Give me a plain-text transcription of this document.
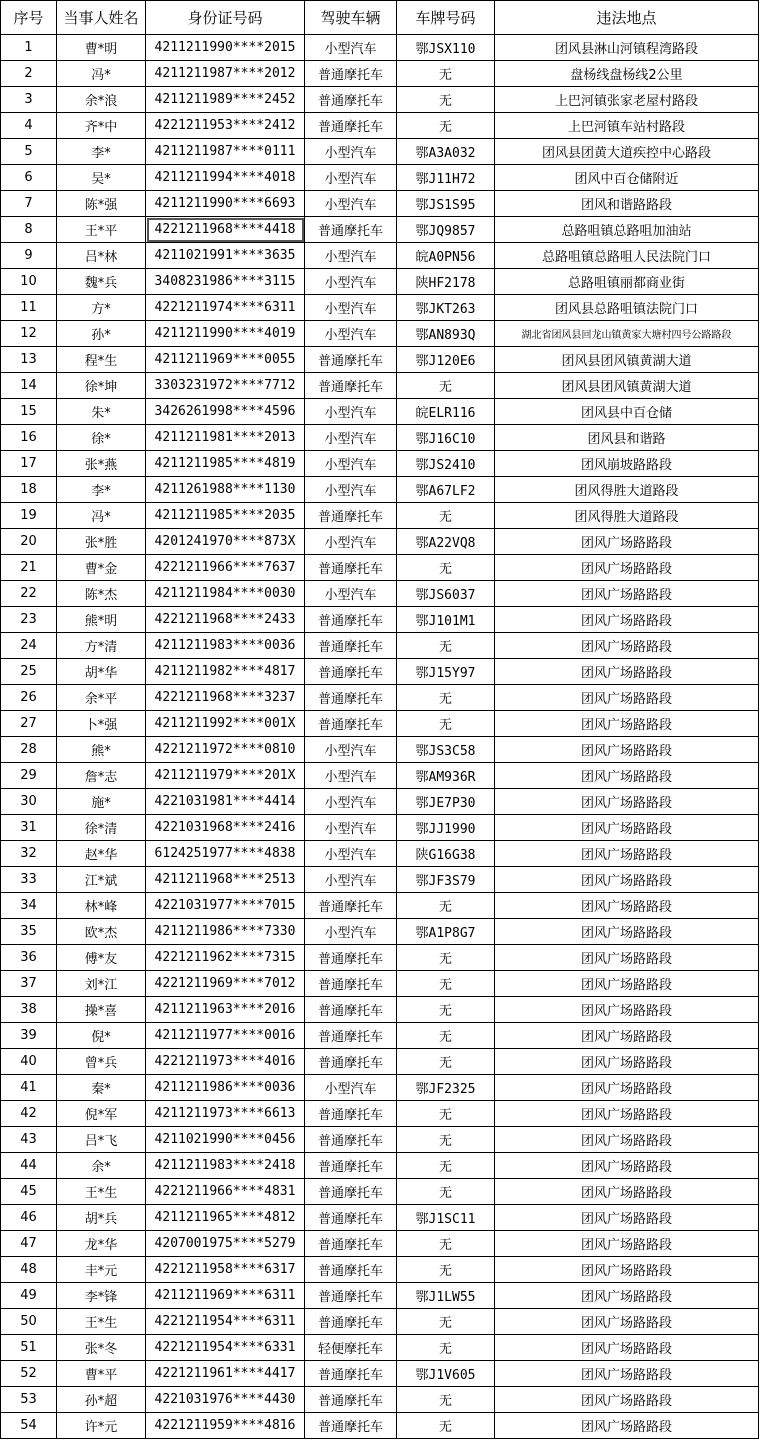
序号	当事人姓名	身份证号码	驾驶车辆	车牌号码	违法地点
1	曹*明	4211211990****2015	小型汽车	鄂JSX110	团风县淋山河镇程湾路段
2	冯*	4211211987****2012	普通摩托车	无	盘杨线盘杨线2公里
3	余*浪	4211211989****2452	普通摩托车	无	上巴河镇张家老屋村路段
4	齐*中	4221211953****2412	普通摩托车	无	上巴河镇车站村路段
5	李*	4211211987****0111	小型汽车	鄂A3A032	团风县团黄大道疾控中心路段
6	吴*	4211211994****4018	小型汽车	鄂J11H72	团风中百仓储附近
7	陈*强	4211211990****6693	小型汽车	鄂JS1S95	团风和谐路路段
8	王*平	4221211968****4418	普通摩托车	鄂JQ9857	总路咀镇总路咀加油站
9	吕*林	4211021991****3635	小型汽车	皖A0PN56	总路咀镇总路咀人民法院门口
10	魏*兵	3408231986****3115	小型汽车	陕HF2178	总路咀镇丽都商业街
11	方*	4221211974****6311	小型汽车	鄂JKT263	团风县总路咀镇法院门口
12	孙*	4211211990****4019	小型汽车	鄂AN893Q	湖北省团风县回龙山镇黄家大塘村四号公路路段
13	程*生	4211211969****0055	普通摩托车	鄂J120E6	团风县团风镇黄湖大道
14	徐*坤	3303231972****7712	普通摩托车	无	团风县团风镇黄湖大道
15	朱*	3426261998****4596	小型汽车	皖ELR116	团风县中百仓储
16	徐*	4211211981****2013	小型汽车	鄂J16C10	团风县和谐路
17	张*燕	4211211985****4819	小型汽车	鄂JS2410	团风崩坡路路段
18	李*	4211261988****1130	小型汽车	鄂A67LF2	团风得胜大道路段
19	冯*	4211211985****2035	普通摩托车	无	团风得胜大道路段
20	张*胜	4201241970****873X	小型汽车	鄂A22VQ8	团风广场路路段
21	曹*金	4221211966****7637	普通摩托车	无	团风广场路路段
22	陈*杰	4211211984****0030	小型汽车	鄂JS6037	团风广场路路段
23	熊*明	4221211968****2433	普通摩托车	鄂J101M1	团风广场路路段
24	方*清	4211211983****0036	普通摩托车	无	团风广场路路段
25	胡*华	4211211982****4817	普通摩托车	鄂J15Y97	团风广场路路段
26	余*平	4221211968****3237	普通摩托车	无	团风广场路路段
27	卜*强	4211211992****001X	普通摩托车	无	团风广场路路段
28	熊*	4221211972****0810	小型汽车	鄂JS3C58	团风广场路路段
29	詹*志	4211211979****201X	小型汽车	鄂AM936R	团风广场路路段
30	施*	4221031981****4414	小型汽车	鄂JE7P30	团风广场路路段
31	徐*清	4221031968****2416	小型汽车	鄂JJ1990	团风广场路路段
32	赵*华	6124251977****4838	小型汽车	陕G16G38	团风广场路路段
33	江*斌	4211211968****2513	小型汽车	鄂JF3S79	团风广场路路段
34	林*峰	4221031977****7015	普通摩托车	无	团风广场路路段
35	欧*杰	4211211986****7330	小型汽车	鄂A1P8G7	团风广场路路段
36	傅*友	4221211962****7315	普通摩托车	无	团风广场路路段
37	刘*江	4221211969****7012	普通摩托车	无	团风广场路路段
38	操*喜	4211211963****2016	普通摩托车	无	团风广场路路段
39	倪*	4211211977****0016	普通摩托车	无	团风广场路路段
40	曾*兵	4221211973****4016	普通摩托车	无	团风广场路路段
41	秦*	4211211986****0036	小型汽车	鄂JF2325	团风广场路路段
42	倪*军	4211211973****6613	普通摩托车	无	团风广场路路段
43	吕*飞	4211021990****0456	普通摩托车	无	团风广场路路段
44	余*	4211211983****2418	普通摩托车	无	团风广场路路段
45	王*生	4221211966****4831	普通摩托车	无	团风广场路路段
46	胡*兵	4211211965****4812	普通摩托车	鄂J1SC11	团风广场路路段
47	龙*华	4207001975****5279	普通摩托车	无	团风广场路路段
48	丰*元	4221211958****6317	普通摩托车	无	团风广场路路段
49	李*锋	4211211969****6311	普通摩托车	鄂J1LW55	团风广场路路段
50	王*生	4221211954****6311	普通摩托车	无	团风广场路路段
51	张*冬	4221211954****6331	轻便摩托车	无	团风广场路路段
52	曹*平	4221211961****4417	普通摩托车	鄂J1V605	团风广场路路段
53	孙*超	4221031976****4430	普通摩托车	无	团风广场路路段
54	许*元	4221211959****4816	普通摩托车	无	团风广场路路段
